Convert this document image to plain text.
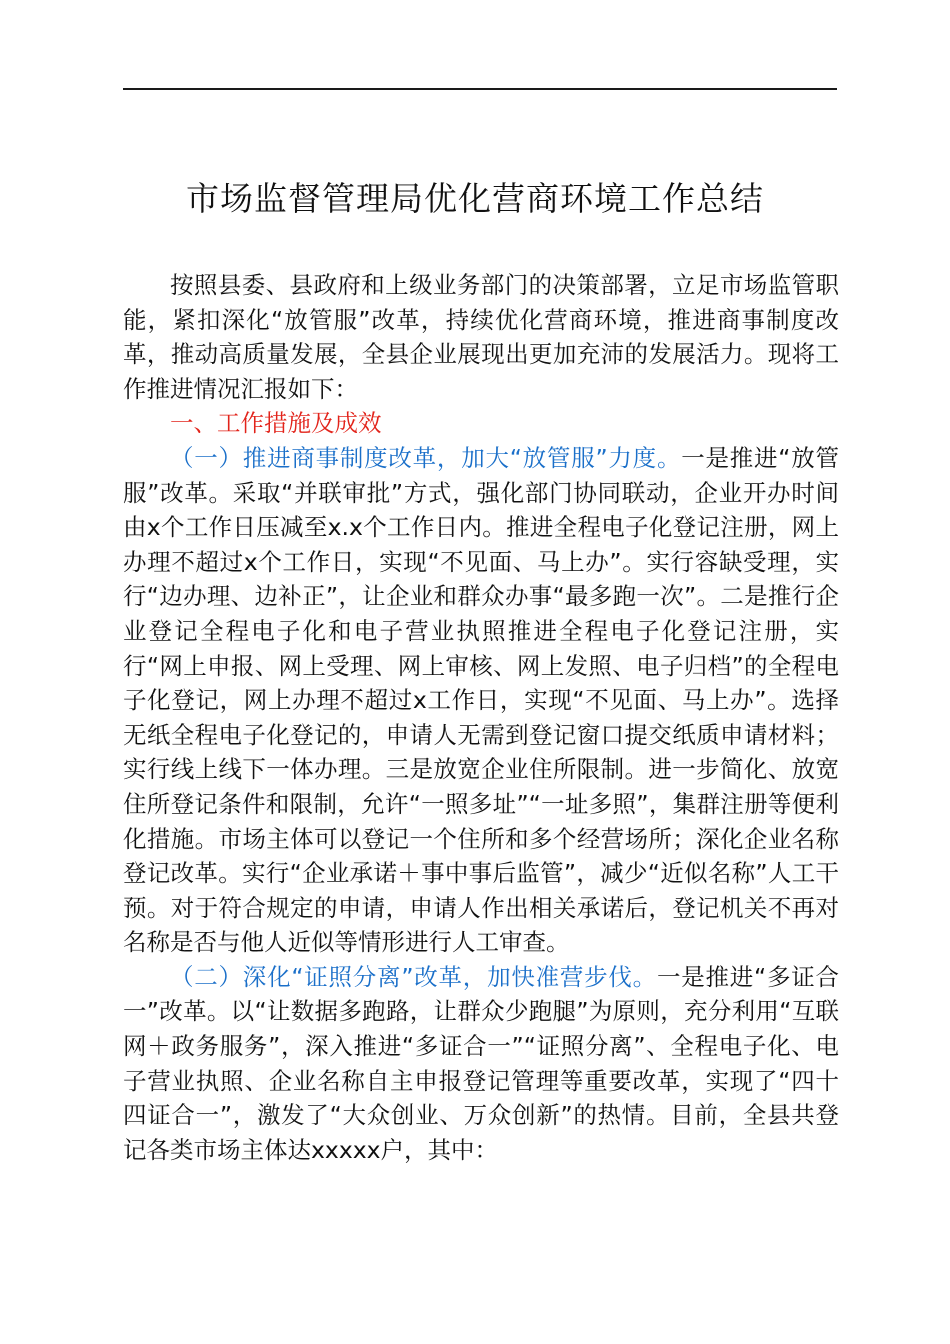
市场监督管理局优化营商环境工作总结

按照县委、县政府和上级业务部门的决策部署，立足市场监管职能，紧扣深化“放管服”改革，持续优化营商环境，推进商事制度改革，推动高质量发展，全县企业展现出更加充沛的发展活力。现将工作推进情况汇报如下：

一、工作措施及成效

（一）推进商事制度改革，加大“放管服”力度。一是推进“放管服”改革。采取“并联审批”方式，强化部门协同联动，企业开办时间由x个工作日压减至x.x个工作日内。推进全程电子化登记注册，网上办理不超过x个工作日，实现“不见面、马上办”。实行容缺受理，实行“边办理、边补正”，让企业和群众办事“最多跑一次”。二是推行企业登记全程电子化和电子营业执照推进全程电子化登记注册，实行“网上申报、网上受理、网上审核、网上发照、电子归档”的全程电子化登记，网上办理不超过x工作日，实现“不见面、马上办”。选择无纸全程电子化登记的，申请人无需到登记窗口提交纸质申请材料；实行线上线下一体办理。三是放宽企业住所限制。进一步简化、放宽住所登记条件和限制，允许“一照多址”“一址多照”，集群注册等便利化措施。市场主体可以登记一个住所和多个经营场所；深化企业名称登记改革。实行“企业承诺＋事中事后监管”，减少“近似名称”人工干预。对于符合规定的申请，申请人作出相关承诺后，登记机关不再对名称是否与他人近似等情形进行人工审查。

（二）深化“证照分离”改革，加快准营步伐。一是推进“多证合一”改革。以“让数据多跑路，让群众少跑腿”为原则，充分利用“互联网＋政务服务”，深入推进“多证合一”“证照分离”、全程电子化、电子营业执照、企业名称自主申报登记管理等重要改革，实现了“四十四证合一”，激发了“大众创业、万众创新”的热情。目前，全县共登记各类市场主体达xxxxx户，其中：
